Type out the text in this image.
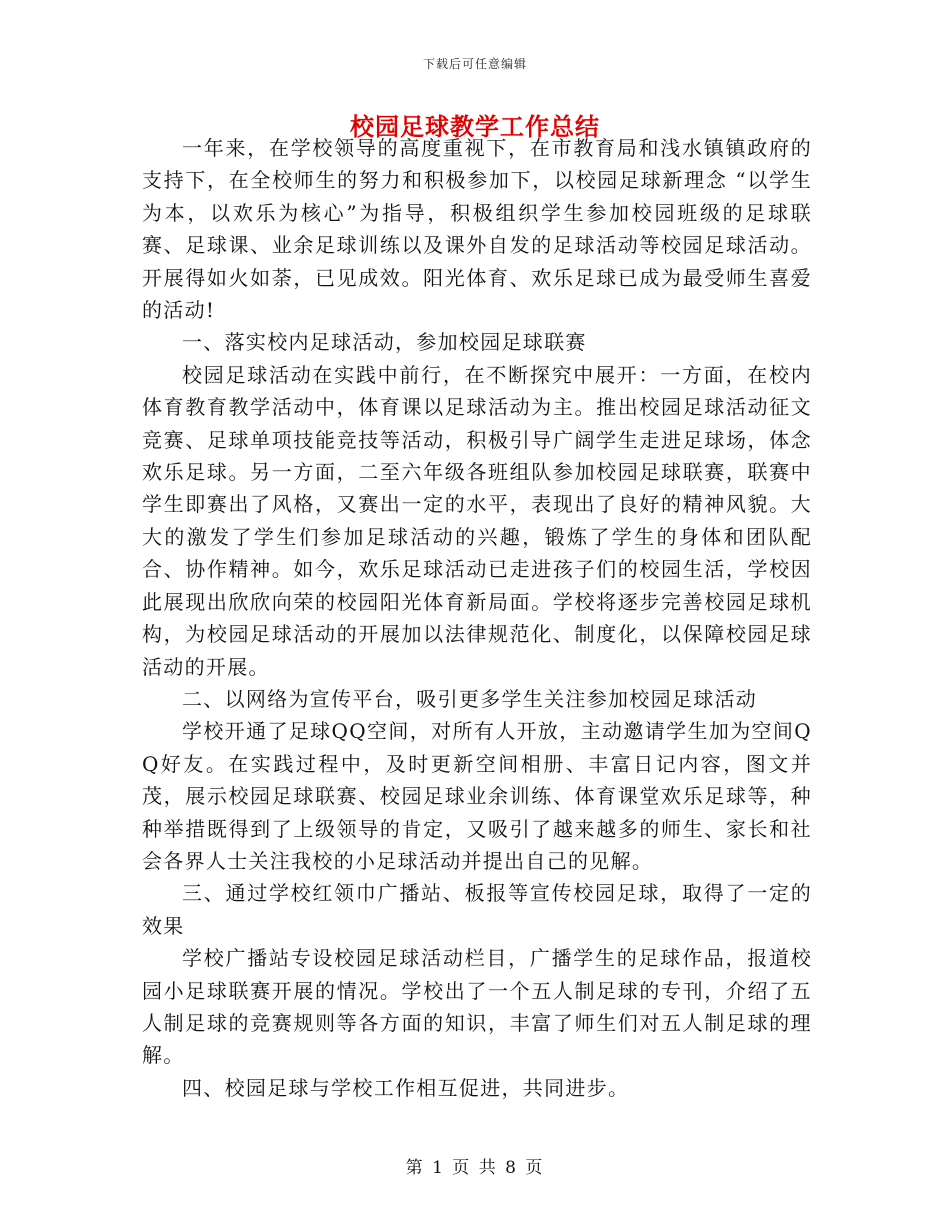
下载后可任意编辑
校园足球教学工作总结

一年来，在学校领导的高度重视下，在市教育局和浅水镇镇政府的支持下，在全校师生的努力和积极参加下，以校园足球新理念 “以学生为本，以欢乐为核心”为指导，积极组织学生参加校园班级的足球联赛、足球课、业余足球训练以及课外自发的足球活动等校园足球活动。开展得如火如荼，已见成效。阳光体育、欢乐足球已成为最受师生喜爱的活动!

一、落实校内足球活动，参加校园足球联赛

校园足球活动在实践中前行，在不断探究中展开：一方面，在校内体育教育教学活动中，体育课以足球活动为主。推出校园足球活动征文竞赛、足球单项技能竞技等活动，积极引导广阔学生走进足球场，体念欢乐足球。另一方面，二至六年级各班组队参加校园足球联赛，联赛中学生即赛出了风格，又赛出一定的水平，表现出了良好的精神风貌。大大的激发了学生们参加足球活动的兴趣，锻炼了学生的身体和团队配合、协作精神。如今，欢乐足球活动已走进孩子们的校园生活，学校因此展现出欣欣向荣的校园阳光体育新局面。学校将逐步完善校园足球机构，为校园足球活动的开展加以法律规范化、制度化，以保障校园足球活动的开展。

二、以网络为宣传平台，吸引更多学生关注参加校园足球活动

学校开通了足球QQ空间，对所有人开放，主动邀请学生加为空间QQ好友。在实践过程中，及时更新空间相册、丰富日记内容，图文并茂，展示校园足球联赛、校园足球业余训练、体育课堂欢乐足球等，种种举措既得到了上级领导的肯定，又吸引了越来越多的师生、家长和社会各界人士关注我校的小足球活动并提出自己的见解。

三、通过学校红领巾广播站、板报等宣传校园足球，取得了一定的效果

学校广播站专设校园足球活动栏目，广播学生的足球作品，报道校园小足球联赛开展的情况。学校出了一个五人制足球的专刊，介绍了五人制足球的竞赛规则等各方面的知识，丰富了师生们对五人制足球的理解。

四、校园足球与学校工作相互促进，共同进步。

第 1 页 共 8 页
